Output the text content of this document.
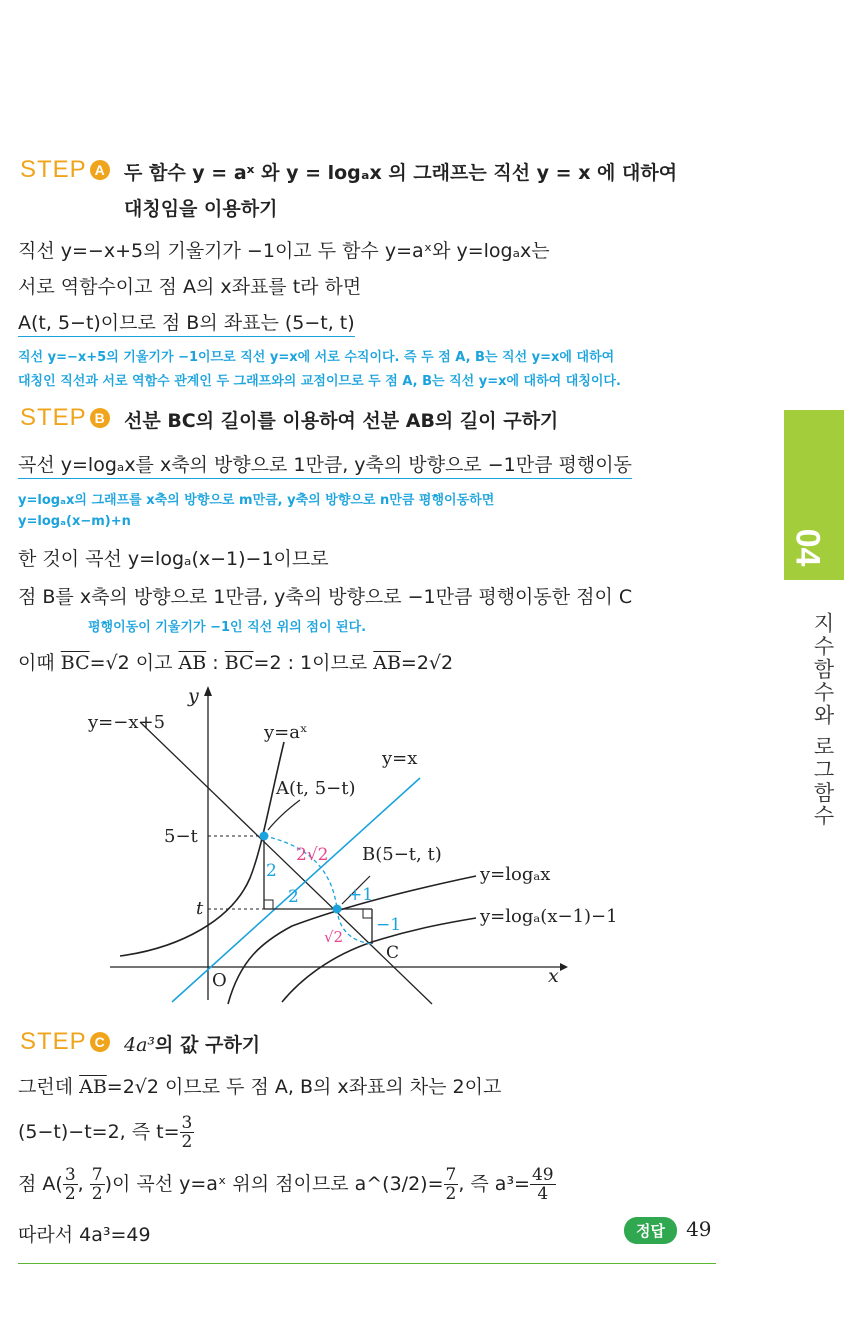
04
지수함수와 로그함수
STEP A 두 함수 y = aˣ 와 y = logₐx 의 그래프는 직선 y = x 에 대하여
대칭임을 이용하기
직선 y=−x+5의 기울기가 −1이고 두 함수 y=aˣ와 y=logₐx는
서로 역함수이고 점 A의 x좌표를 t라 하면
A(t, 5−t)이므로 점 B의 좌표는 (5−t, t)
직선 y=−x+5의 기울기가 −1이므로 직선 y=x에 서로 수직이다. 즉 두 점 A, B는 직선 y=x에 대하여
대칭인 직선과 서로 역함수 관계인 두 그래프와의 교점이므로 두 점 A, B는 직선 y=x에 대하여 대칭이다.
STEP B 선분 BC의 길이를 이용하여 선분 AB의 길이 구하기
곡선 y=logₐx를 x축의 방향으로 1만큼, y축의 방향으로 −1만큼 평행이동
y=logₐx의 그래프를 x축의 방향으로 m만큼, y축의 방향으로 n만큼 평행이동하면
y=logₐ(x−m)+n
한 것이 곡선 y=logₐ(x−1)−1이므로
점 B를 x축의 방향으로 1만큼, y축의 방향으로 −1만큼 평행이동한 점이 C
평행이동이 기울기가 −1인 직선 위의 점이 된다.
이때 $\overline{BC}=√2$ 이고 $\overline{AB}$ : $\overline{BC}=2$ : 1이므로 $\overline{AB}=2√2$
y
x
O
y=−x+5
y=x
y=aˣ
y=logₐx
y=logₐ(x−1)−1
5−t
t
A(t, 5−t)
B(5−t, t)
2√2
2
2	+1
−1
√2
C
STEP C 4a³의 값 구하기
그런데 $\overline{AB}=2√2$ 이므로 두 점 A, B의 x좌표의 차는 2이고
(5−t)−t=2, 즉 $t= \frac{3}{2}$
점 $A( \frac{3}{2}$ , $\frac{7}{2}$ )이 곡선 y=aˣ 위의 점이므로 a^(3/2)= $\frac{7}{2}$ , 즉 $a^3= \frac{49}{4}$
따라서 4a³=49	정답 49
